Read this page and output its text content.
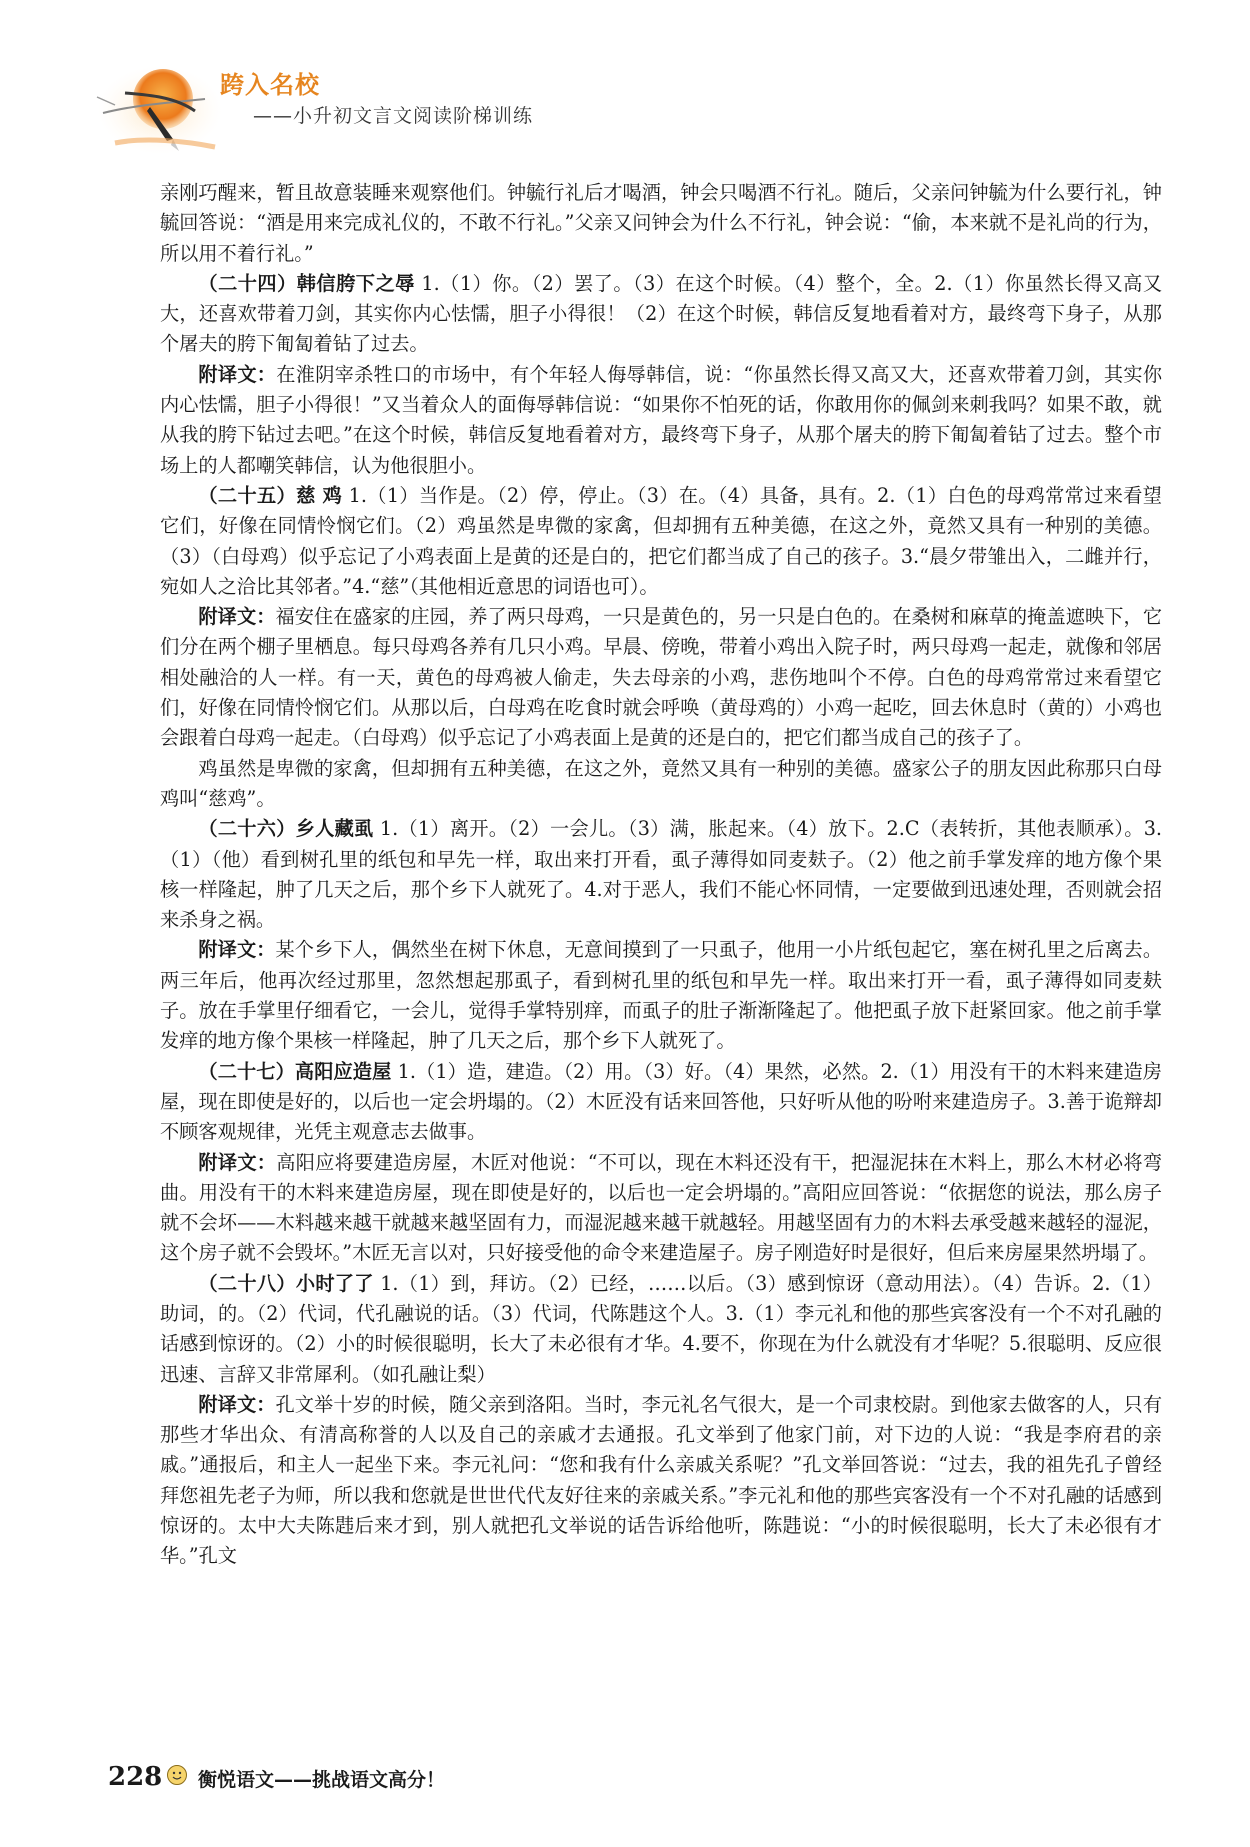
跨入名校
—— 小升初文言文阅读阶梯训练

亲刚巧醒来，暂且故意装睡来观察他们。钟毓行礼后才喝酒，钟会只喝酒不行礼。随后，父亲问钟毓为什么要行礼，钟毓回答说：“酒是用来完成礼仪的，不敢不行礼。”父亲又问钟会为什么不行礼，钟会说：“偷，本来就不是礼尚的行为，所以用不着行礼。”

（二十四）韩信胯下之辱 1.（1）你。（2）罢了。（3）在这个时候。（4）整个，全。2.（1）你虽然长得又高又大，还喜欢带着刀剑，其实你内心怯懦，胆子小得很！（2）在这个时候，韩信反复地看着对方，最终弯下身子，从那个屠夫的胯下匍匐着钻了过去。

附译文：在淮阴宰杀牲口的市场中，有个年轻人侮辱韩信，说：“你虽然长得又高又大，还喜欢带着刀剑，其实你内心怯懦，胆子小得很！”又当着众人的面侮辱韩信说：“如果你不怕死的话，你敢用你的佩剑来刺我吗？如果不敢，就从我的胯下钻过去吧。”在这个时候，韩信反复地看着对方，最终弯下身子，从那个屠夫的胯下匍匐着钻了过去。整个市场上的人都嘲笑韩信，认为他很胆小。

（二十五）慈 鸡 1.（1）当作是。（2）停，停止。（3）在。（4）具备，具有。2.（1）白色的母鸡常常过来看望它们，好像在同情怜悯它们。（2）鸡虽然是卑微的家禽，但却拥有五种美德，在这之外，竟然又具有一种别的美德。（3）（白母鸡）似乎忘记了小鸡表面上是黄的还是白的，把它们都当成了自己的孩子。3.“晨夕带雏出入，二雌并行，宛如人之洽比其邻者。”4.“慈”（其他相近意思的词语也可）。

附译文：福安住在盛家的庄园，养了两只母鸡，一只是黄色的，另一只是白色的。在桑树和麻草的掩盖遮映下，它们分在两个棚子里栖息。每只母鸡各养有几只小鸡。早晨、傍晚，带着小鸡出入院子时，两只母鸡一起走，就像和邻居相处融洽的人一样。有一天，黄色的母鸡被人偷走，失去母亲的小鸡，悲伤地叫个不停。白色的母鸡常常过来看望它们，好像在同情怜悯它们。从那以后，白母鸡在吃食时就会呼唤（黄母鸡的）小鸡一起吃，回去休息时（黄的）小鸡也会跟着白母鸡一起走。（白母鸡）似乎忘记了小鸡表面上是黄的还是白的，把它们都当成自己的孩子了。

鸡虽然是卑微的家禽，但却拥有五种美德，在这之外，竟然又具有一种别的美德。盛家公子的朋友因此称那只白母鸡叫“慈鸡”。

（二十六）乡人藏虱 1.（1）离开。（2）一会儿。（3）满，胀起来。（4）放下。2.C（表转折，其他表顺承）。3.（1）（他）看到树孔里的纸包和早先一样，取出来打开看，虱子薄得如同麦麸子。（2）他之前手掌发痒的地方像个果核一样隆起，肿了几天之后，那个乡下人就死了。4.对于恶人，我们不能心怀同情，一定要做到迅速处理，否则就会招来杀身之祸。

附译文：某个乡下人，偶然坐在树下休息，无意间摸到了一只虱子，他用一小片纸包起它，塞在树孔里之后离去。两三年后，他再次经过那里，忽然想起那虱子，看到树孔里的纸包和早先一样。取出来打开一看，虱子薄得如同麦麸子。放在手掌里仔细看它，一会儿，觉得手掌特别痒，而虱子的肚子渐渐隆起了。他把虱子放下赶紧回家。他之前手掌发痒的地方像个果核一样隆起，肿了几天之后，那个乡下人就死了。

（二十七）高阳应造屋 1.（1）造，建造。（2）用。（3）好。（4）果然，必然。2.（1）用没有干的木料来建造房屋，现在即使是好的，以后也一定会坍塌的。（2）木匠没有话来回答他，只好听从他的吩咐来建造房子。3.善于诡辩却不顾客观规律，光凭主观意志去做事。

附译文：高阳应将要建造房屋，木匠对他说：“不可以，现在木料还没有干，把湿泥抹在木料上，那么木材必将弯曲。用没有干的木料来建造房屋，现在即使是好的，以后也一定会坍塌的。”高阳应回答说：“依据您的说法，那么房子就不会坏——木料越来越干就越来越坚固有力，而湿泥越来越干就越轻。用越坚固有力的木料去承受越来越轻的湿泥，这个房子就不会毁坏。”木匠无言以对，只好接受他的命令来建造屋子。房子刚造好时是很好，但后来房屋果然坍塌了。

（二十八）小时了了 1.（1）到，拜访。（2）已经，……以后。（3）感到惊讶（意动用法）。（4）告诉。2.（1）助词，的。（2）代词，代孔融说的话。（3）代词，代陈韪这个人。3.（1）李元礼和他的那些宾客没有一个不对孔融的话感到惊讶的。（2）小的时候很聪明，长大了未必很有才华。4.要不，你现在为什么就没有才华呢？5.很聪明、反应很迅速、言辞又非常犀利。（如孔融让梨）

附译文：孔文举十岁的时候，随父亲到洛阳。当时，李元礼名气很大，是一个司隶校尉。到他家去做客的人，只有那些才华出众、有清高称誉的人以及自己的亲戚才去通报。孔文举到了他家门前，对下边的人说：“我是李府君的亲戚。”通报后，和主人一起坐下来。李元礼问：“您和我有什么亲戚关系呢？”孔文举回答说：“过去，我的祖先孔子曾经拜您祖先老子为师，所以我和您就是世世代代友好往来的亲戚关系。”李元礼和他的那些宾客没有一个不对孔融的话感到惊讶的。太中大夫陈韪后来才到，别人就把孔文举说的话告诉给他听，陈韪说：“小的时候很聪明，长大了未必很有才华。”孔文

228 衡悦语文——挑战语文高分！
